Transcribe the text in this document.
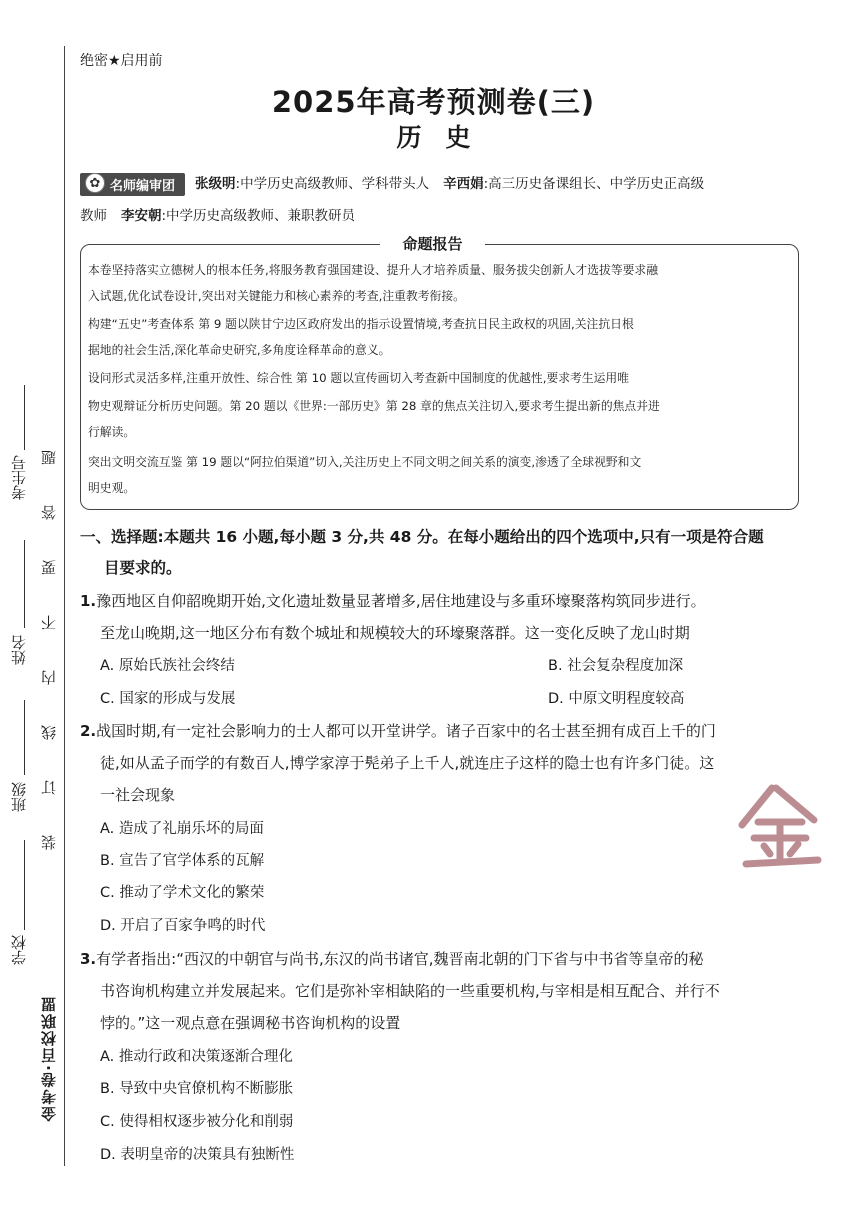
考生号
姓名
班级
学校
装订线内不要答题
金考卷·百校联盟
绝密★启用前
2025年高考预测卷(三)
历史
✿ 名师编审团 张级明:中学历史高级教师、学科带头人 辛西娟:高三历史备课组长、中学历史正高级
教师 李安朝:中学历史高级教师、兼职教研员
命题报告
本卷坚持落实立德树人的根本任务,将服务教育强国建设、提升人才培养质量、服务拔尖创新人才选拔等要求融
入试题,优化试卷设计,突出对关键能力和核心素养的考查,注重教考衔接。
构建“五史”考查体系 第 9 题以陕甘宁边区政府发出的指示设置情境,考查抗日民主政权的巩固,关注抗日根
据地的社会生活,深化革命史研究,多角度诠释革命的意义。
设问形式灵活多样,注重开放性、综合性 第 10 题以宣传画切入考查新中国制度的优越性,要求考生运用唯
物史观辩证分析历史问题。第 20 题以《世界:一部历史》第 28 章的焦点关注切入,要求考生提出新的焦点并进
行解读。
突出文明交流互鉴 第 19 题以“阿拉伯渠道”切入,关注历史上不同文明之间关系的演变,渗透了全球视野和文
明史观。
一、选择题:本题共 16 小题,每小题 3 分,共 48 分。在每小题给出的四个选项中,只有一项是符合题
目要求的。
1.豫西地区自仰韶晚期开始,文化遗址数量显著增多,居住地建设与多重环壕聚落构筑同步进行。
至龙山晚期,这一地区分布有数个城址和规模较大的环壕聚落群。这一变化反映了龙山时期
A. 原始氏族社会终结	B. 社会复杂程度加深
C. 国家的形成与发展	D. 中原文明程度较高
2.战国时期,有一定社会影响力的士人都可以开堂讲学。诸子百家中的名士甚至拥有成百上千的门
徒,如从孟子而学的有数百人,博学家淳于髡弟子上千人,就连庄子这样的隐士也有许多门徒。这
一社会现象
A. 造成了礼崩乐坏的局面
B. 宣告了官学体系的瓦解
C. 推动了学术文化的繁荣
D. 开启了百家争鸣的时代
3.有学者指出:“西汉的中朝官与尚书,东汉的尚书诸官,魏晋南北朝的门下省与中书省等皇帝的秘
书咨询机构建立并发展起来。它们是弥补宰相缺陷的一些重要机构,与宰相是相互配合、并行不
悖的。”这一观点意在强调秘书咨询机构的设置
A. 推动行政和决策逐渐合理化
B. 导致中央官僚机构不断膨胀
C. 使得相权逐步被分化和削弱
D. 表明皇帝的决策具有独断性
